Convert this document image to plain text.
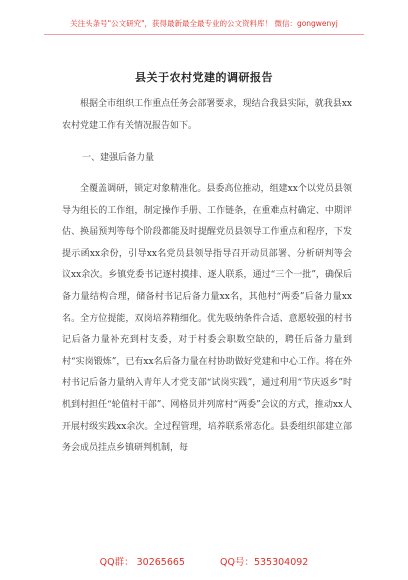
关注头条号"公文研究"，获得最新最全最专业的公文资料库！ 微信：gongwenyj
县关于农村党建的调研报告

根据全市组织工作重点任务会部署要求，现结合我县实际，就我县xx农村党建工作有关情况报告如下。

一、建强后备力量

全覆盖调研，锁定对象精准化。县委高位推动，组建xx个以党员县领导为组长的工作组，制定操作手册、工作链条，在重难点村确定、中期评估、换届预判等每个阶段都能及时提醒党员县领导工作重点和程序，下发提示函xx余份，引导xx名党员县领导指导召开动员部署、分析研判等会议xx余次。乡镇党委书记逐村摸排、逐人联系，通过“三个一批”，确保后备力量结构合理，储备村书记后备力量xx名，其他村“两委”后备力量xx名。全方位提能，双岗培养精细化。优先吸纳条件合适、意愿较强的村书记后备力量补充到村支委，对于村委会职数空缺的，聘任后备力量到村“实岗锻炼”，已有xx名后备力量在村协助做好党建和中心工作。将在外村书记后备力量纳入青年人才党支部“试岗实践”，通过利用“节庆返乡”时机到村担任“轮值村干部”、网格员并列席村“两委”会议的方式，推动xx人开展村级实践xx余次。全过程管理，培养联系常态化。县委组织部建立部务会成员挂点乡镇研判机制，每

QQ群： 30265665	QQ号：535304092
